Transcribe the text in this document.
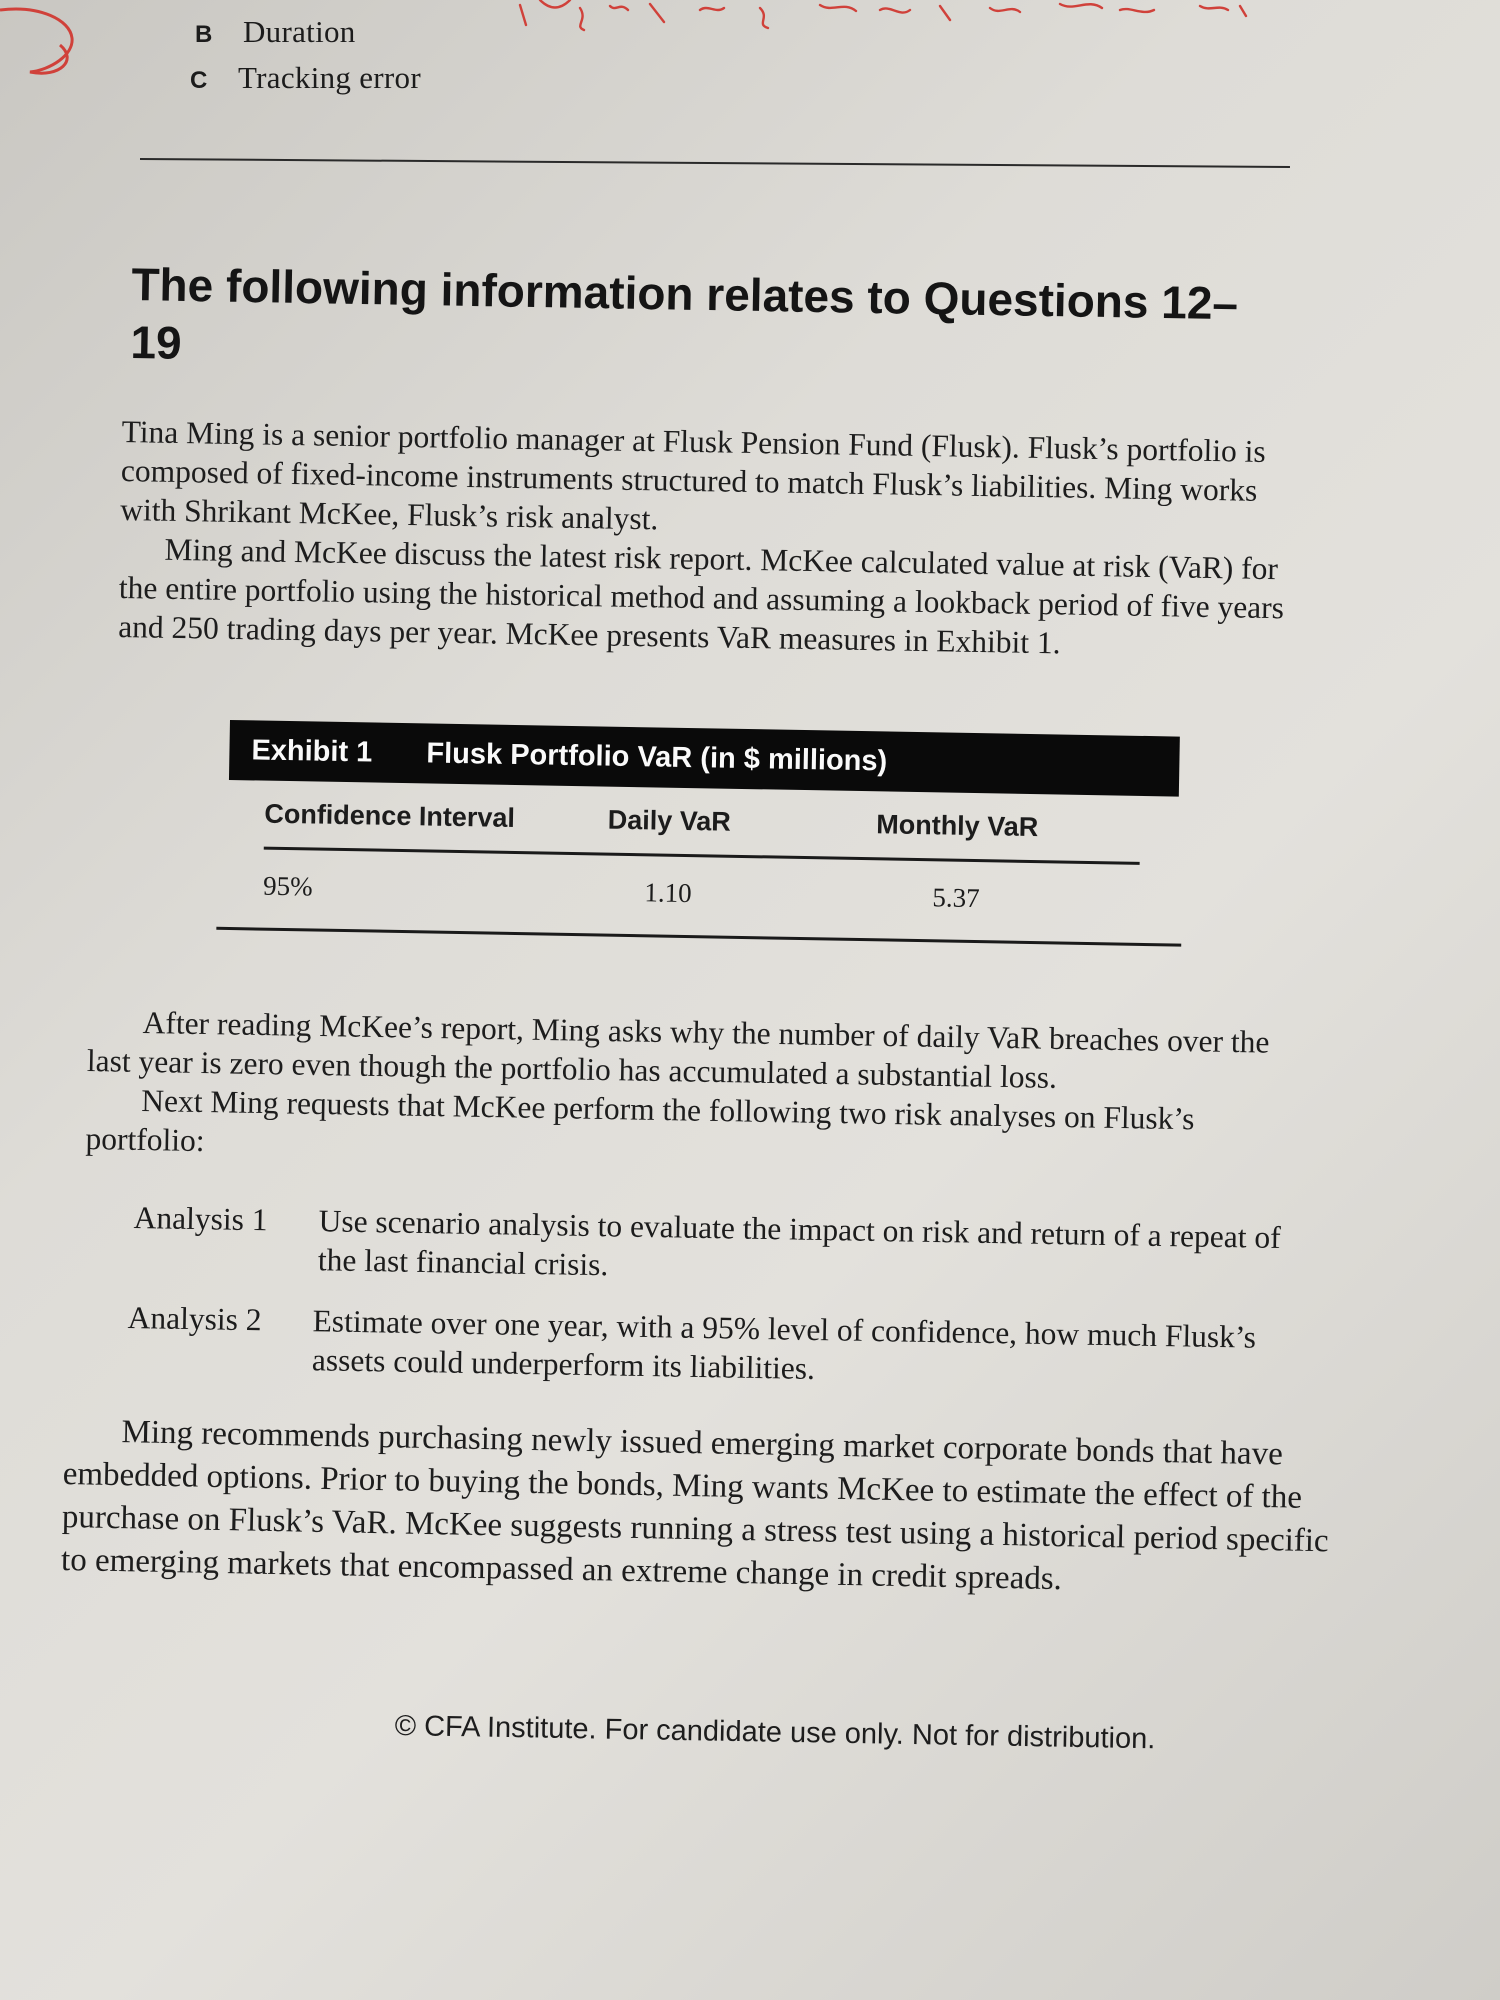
B Duration
C Tracking error
The following information relates to Questions 12–19

Tina Ming is a senior portfolio manager at Flusk Pension Fund (Flusk). Flusk’s portfolio is composed of fixed-income instruments structured to match Flusk’s liabilities. Ming works with Shrikant McKee, Flusk’s risk analyst.

Ming and McKee discuss the latest risk report. McKee calculated value at risk (VaR) for the entire portfolio using the historical method and assuming a lookback period of five years and 250 trading days per year. McKee presents VaR measures in Exhibit 1.

Exhibit 1	Flusk Portfolio VaR (in $ millions)
Confidence Interval	Daily VaR	Monthly VaR
95%	1.10	5.37

After reading McKee’s report, Ming asks why the number of daily VaR breaches over the last year is zero even though the portfolio has accumulated a substantial loss.

Next Ming requests that McKee perform the following two risk analyses on Flusk’s portfolio:

Analysis 1	Use scenario analysis to evaluate the impact on risk and return of a repeat of the last financial crisis.
Analysis 2	Estimate over one year, with a 95% level of confidence, how much Flusk’s assets could underperform its liabilities.

Ming recommends purchasing newly issued emerging market corporate bonds that have embedded options. Prior to buying the bonds, Ming wants McKee to estimate the effect of the purchase on Flusk’s VaR. McKee suggests running a stress test using a historical period specific to emerging markets that encompassed an extreme change in credit spreads.

© CFA Institute. For candidate use only. Not for distribution.
